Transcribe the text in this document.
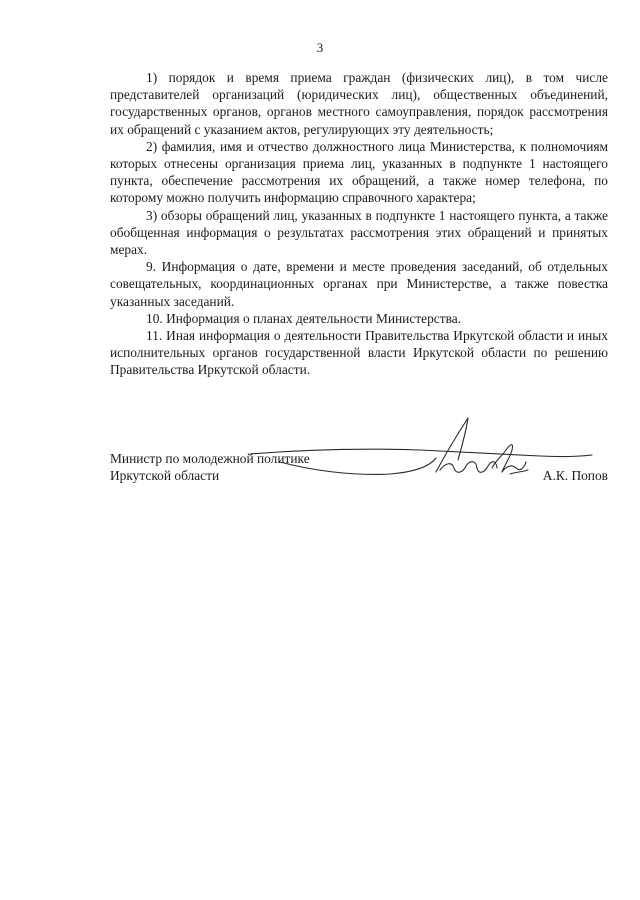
3

1) порядок и время приема граждан (физических лиц), в том числе представителей организаций (юридических лиц), общественных объединений, государственных органов, органов местного самоуправления, порядок рассмотрения их обращений с указанием актов, регулирующих эту деятельность;

2) фамилия, имя и отчество должностного лица Министерства, к полномочиям которых отнесены организация приема лиц, указанных в подпункте 1 настоящего пункта, обеспечение рассмотрения их обращений, а также номер телефона, по которому можно получить информацию справочного характера;

3) обзоры обращений лиц, указанных в подпункте 1 настоящего пункта, а также обобщенная информация о результатах рассмотрения этих обращений и принятых мерах.

9. Информация о дате, времени и месте проведения заседаний, об отдельных совещательных, координационных органах при Министерстве, а также повестка указанных заседаний.

10. Информация о планах деятельности Министерства.

11. Иная информация о деятельности Правительства Иркутской области и иных исполнительных органов государственной власти Иркутской области по решению Правительства Иркутской области.

Министр по молодежной политике
Иркутской области	А.К. Попов
